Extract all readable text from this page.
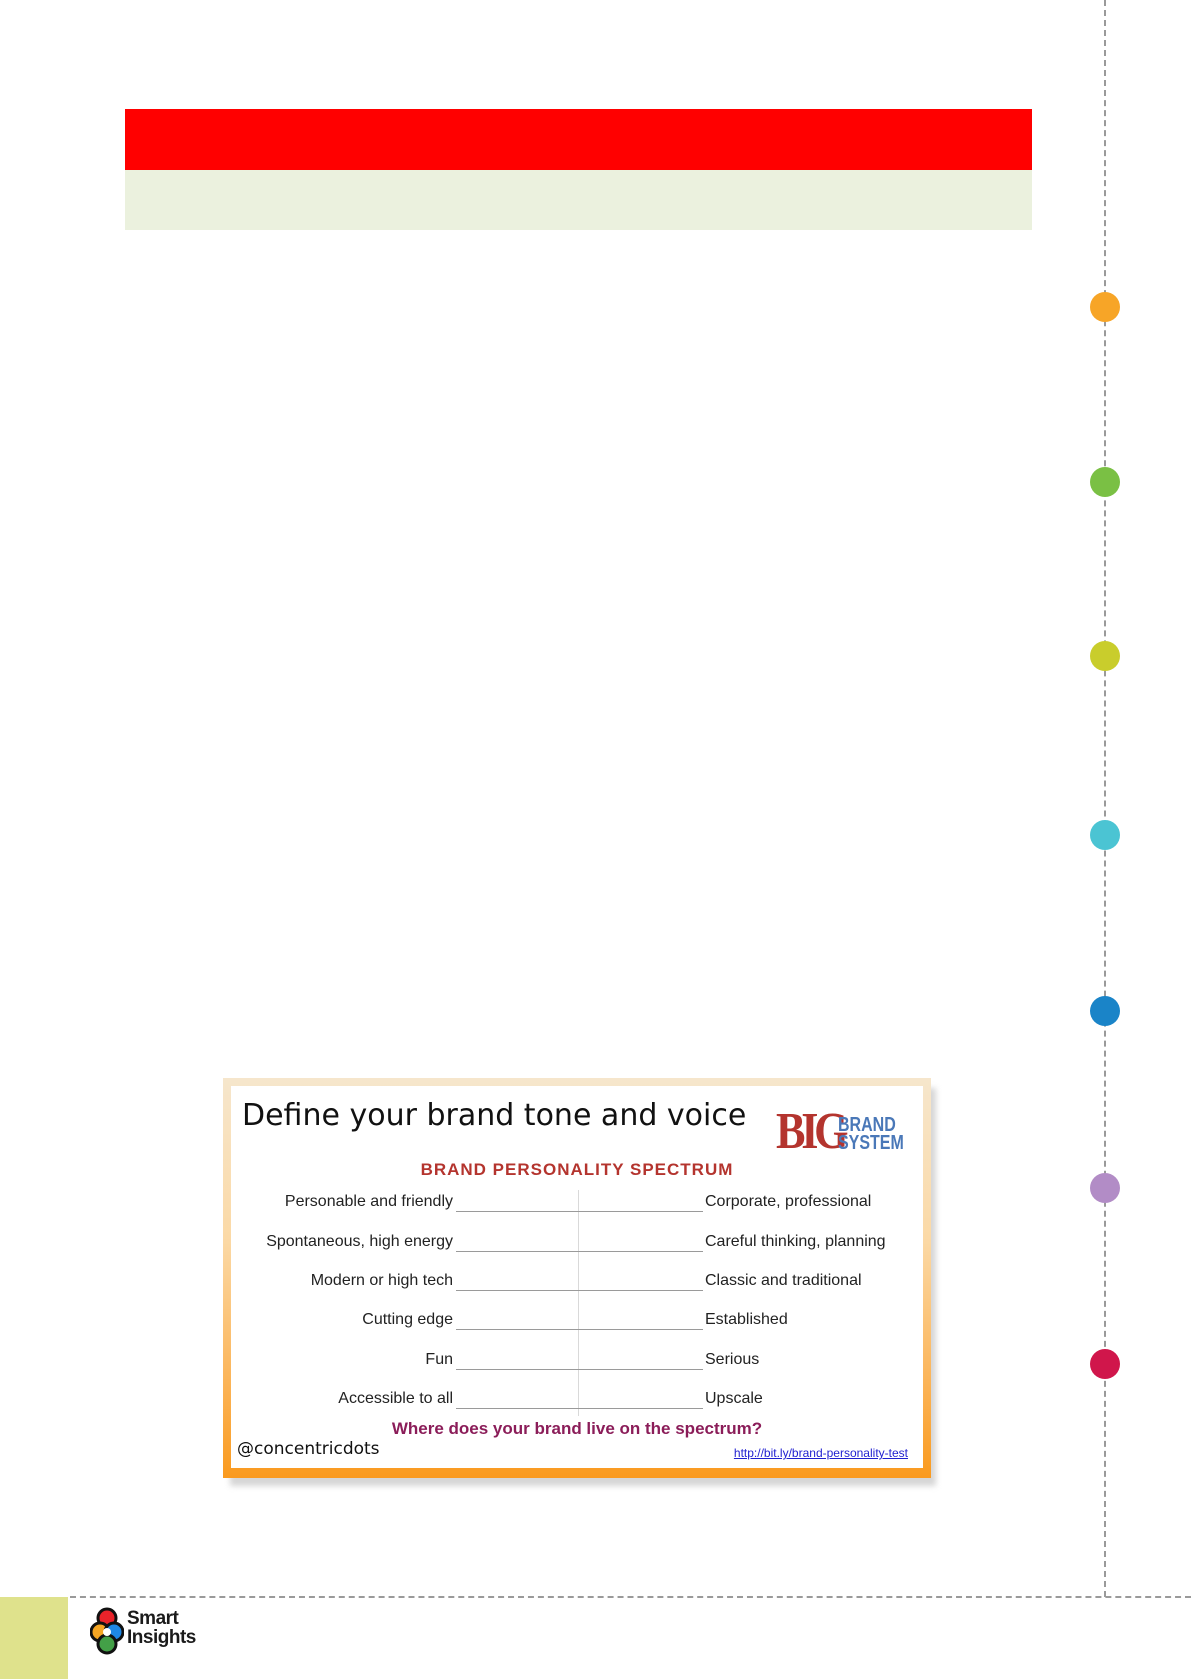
Define your brand tone and voice BIG
BRAND
SYSTEM
BRAND PERSONALITY SPECTRUM
Personable and friendly	Corporate, professional
Spontaneous, high energy	Careful thinking, planning
Modern or high tech	Classic and traditional
Cutting edge	Established
Fun	Serious
Accessible to all	Upscale
Where does your brand live on the spectrum?
@concentricdots	http://bit.ly/brand-personality-test
Smart
Insights
